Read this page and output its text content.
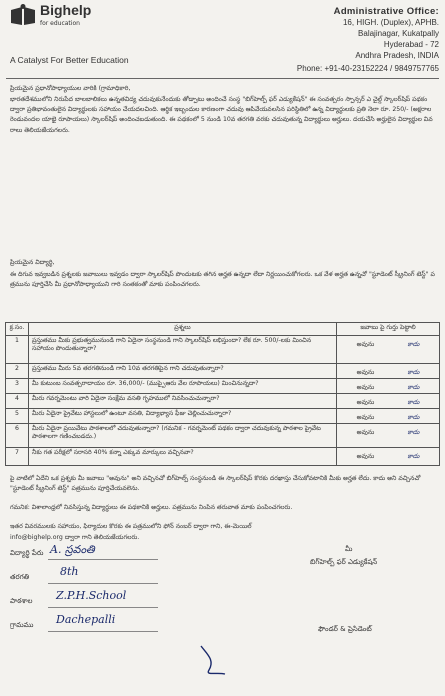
Bighelp
for education
A Catalyst For Better Education
Administrative Office:
16, HIGH. (Duplex), APHB.
Balajinagar, Kukatpally
Hyderabad - 72
Andhra Pradesh, INDIA
Phone: +91-40-23152224 / 9849757765
ప్రియమైన ప్రధానోపాధ్యాయుల వారికి (గ్రామాధికారి,
భారతదేశములోని నిరుపేద బాలబాలికలు ఉన్నతవిద్య చదువుకునేందుకు తోడ్పాటు అందించే సంస్థ "బిగ్‌హెల్ప్ ఫర్ ఎడ్యుకేషన్" ఈ సంవత్సరం స్పాన్సర్ ఎ చైల్డ్ స్కాలర్‌షిప్ పథకం ద్వారా ప్రతిభావంతులైన విద్యార్థులకు సహాయం చేయదలచింది. ఆర్థిక ఇబ్బందుల కారణంగా చదువు ఆపివేయవలసిన పరిస్థితిలో ఉన్న విద్యార్థులకు ప్రతి నెలా రూ. 250/- (అక్షరాల రెండువందల యాభై రూపాయలు) స్కాలర్‌షిప్ అందించబడుతుంది. ఈ పథకంలో 5 నుండి 10వ తరగతి వరకు చదువుతున్న విద్యార్థులు అర్హులు. దయచేసి అర్హులైన విద్యార్థుల వివరాలు తెలియజేయగలరు.
ప్రియమైన విద్యార్థి,
ఈ దిగువ ఇవ్వబడిన ప్రశ్నలకు జవాబులు ఇవ్వడం ద్వారా స్కాలర్‌షిప్ పొందుటకు తగిన అర్హత ఉన్నదా లేదా నిర్ణయించుకోగలరు. ఒక వేళ అర్హత ఉన్నచో "స్టూడెంట్ స్క్రీనింగ్ టెస్ట్" పత్రమును పూర్తిచేసి మీ ప్రధానోపాధ్యాయుని గారి సంతకంతో మాకు పంపించగలరు.
క్ర.సం.	ప్రశ్నలు	జవాబు పై గుర్తు పెట్టాలి
1	ప్రస్తుతము మీకు ప్రభుత్వమునుండి గాని ఏదైనా సంస్థనుండి గాని స్కాలర్‌షిప్ లభిస్తుందా? లేక రూ. 500/-లకు మించిన సహాయం పొందుతున్నారా?	అవును కాదు

2	ప్రస్తుతము మీరు 5వ తరగతినుండి గాని 10వ తరగతిపైన గాని చదువుతున్నారా?	అవును కాదు

3	మీ కుటుంబ సంవత్సరాదాయం రూ. 36,000/- (ముప్పైఆరు వేల రూపాయలు) మించినున్నదా?	అవును కాదు

4	మీరు గవర్నమెంటు వారి ఏదైనా సంక్షేమ వసతి గృహములో నివసించుచున్నారా?	అవును కాదు

5	మీరు ఏదైనా ప్రైవేటు హాస్టలులో ఉంటూ వసతి, విద్యాభ్యాస ఫీజు చెల్లించుచున్నారా?	అవును కాదు

6	మీరు ఏదైనా ప్రయివేటు పాఠశాలలో చదువుతున్నారా? (గమనిక - గవర్నమెంట్ పథకం ద్వారా చదువుకున్న పాఠశాల ప్రైవేట పాఠశాలగా గణించబడదు.)	అవును కాదు

7	నీకు గత పరీక్షలో సరాసరి 40% కన్నా ఎక్కువ మార్కులు వచ్చినవా?	అవును కాదు
పై వాటిలో ఏదేని ఒక ప్రశ్నకు మీ జవాబు "అవును" అని వచ్చినచో బిగ్‌హెల్ప్ సంస్థనుండి ఈ స్కాలర్‌షిప్ కొరకు దరఖాస్తు చేసుకోవటానికి మీకు అర్హత లేదు. కాదు అని వచ్చినచో "స్టూడెంట్ స్క్రీనింగ్ టెస్ట్" పత్రమును పూర్తిచేయవలెను.
గమనిక: విశాలాంధ్రలో నివసిస్తున్న విద్యార్థులు ఈ పథకానికి అర్హులు. పత్రమును నింపిన తరువాత మాకు పంపించగలరు.
ఇతర వివరములకు సహాయం, ఫిర్యాదుల కొరకు ఈ పత్రములోని ఫోన్ నంబర్ ద్వారా గాని, ఈ-మెయిల్
info@bighelp.org ద్వారా గాని తెలియజేయగలరు.
విద్యార్థి పేరు A. స్రవంతి
తరగతి	8th
పాఠశాల Z.P.H.School
గ్రామము Dachepalli
మీ
బిగ్‌హెల్ప్ ఫర్ ఎడ్యుకేషన్
ఫౌండర్ & ప్రెసిడెంట్
